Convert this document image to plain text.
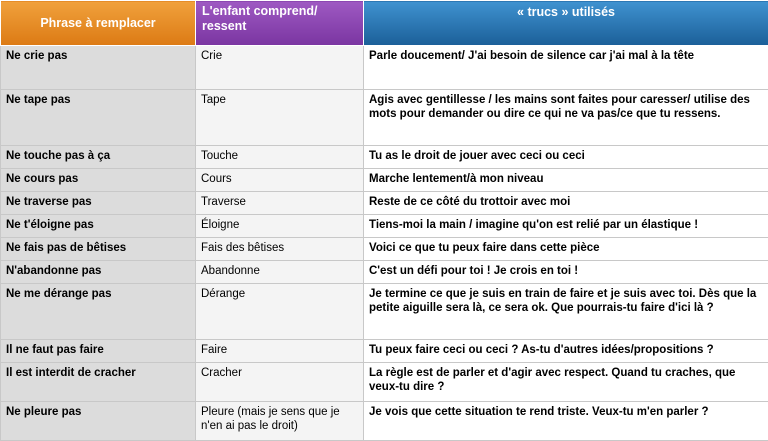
Phrase à remplacer	L'enfant comprend/ ressent	« trucs » utilisés
Ne crie pas	Crie	Parle doucement/ J'ai besoin de silence car j'ai mal à la tête
Ne tape pas	Tape	Agis avec gentillesse / les mains sont faites pour caresser/ utilise des mots pour demander ou dire ce qui ne va pas/ce que tu ressens.
Ne touche pas à ça	Touche	Tu as le droit de jouer avec ceci ou ceci
Ne cours pas	Cours	Marche lentement/à mon niveau
Ne traverse pas	Traverse	Reste de ce côté du trottoir avec moi
Ne t'éloigne pas	Éloigne	Tiens-moi la main / imagine qu'on est relié par un élastique !
Ne fais pas de bêtises	Fais des bêtises	Voici ce que tu peux faire dans cette pièce
N'abandonne pas	Abandonne	C'est un défi pour toi ! Je crois en toi !
Ne me dérange pas	Dérange	Je termine ce que je suis en train de faire et je suis avec toi. Dès que la petite aiguille sera là, ce sera ok. Que pourrais-tu faire d'ici là ?
Il ne faut pas faire	Faire	Tu peux faire ceci ou ceci ? As-tu d'autres idées/propositions ?
Il est interdit de cracher	Cracher	La règle est de parler et d'agir avec respect. Quand tu craches, que veux-tu dire ?
Ne pleure pas	Pleure (mais je sens que je n'en ai pas le droit)	Je vois que cette situation te rend triste. Veux-tu m'en parler ?
